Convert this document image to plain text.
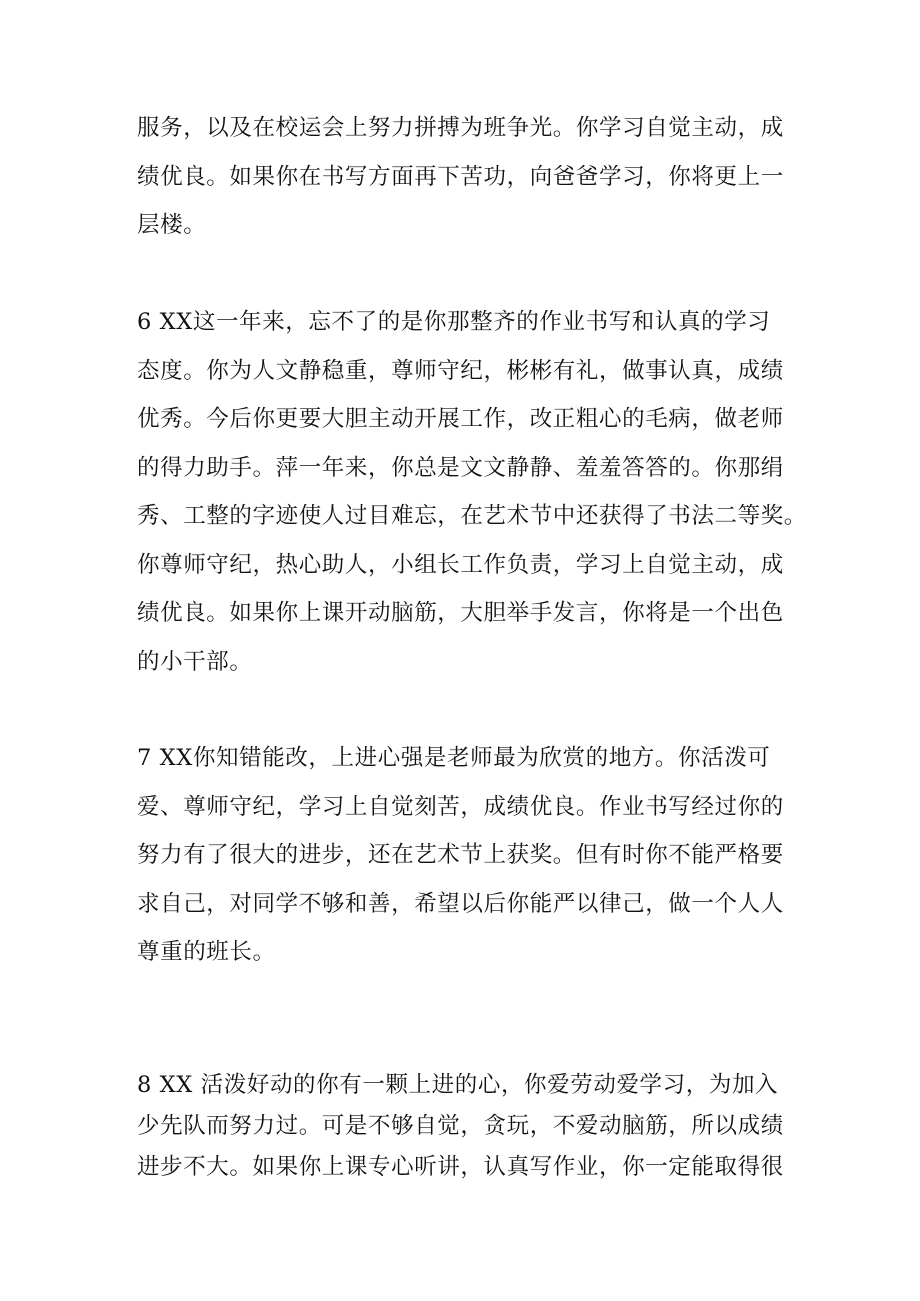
服务，以及在校运会上努力拼搏为班争光。你学习自觉主动，成
绩优良。如果你在书写方面再下苦功，向爸爸学习，你将更上一
层楼。

6 XX这一年来，忘不了的是你那整齐的作业书写和认真的学习
态度。你为人文静稳重，尊师守纪，彬彬有礼，做事认真，成绩
优秀。今后你更要大胆主动开展工作，改正粗心的毛病，做老师
的得力助手。萍一年来，你总是文文静静、羞羞答答的。你那绢
秀、工整的字迹使人过目难忘，在艺术节中还获得了书法二等奖。
你尊师守纪，热心助人，小组长工作负责，学习上自觉主动，成
绩优良。如果你上课开动脑筋，大胆举手发言，你将是一个出色
的小干部。

7 XX你知错能改，上进心强是老师最为欣赏的地方。你活泼可
爱、尊师守纪，学习上自觉刻苦，成绩优良。作业书写经过你的
努力有了很大的进步，还在艺术节上获奖。但有时你不能严格要
求自己，对同学不够和善，希望以后你能严以律己，做一个人人
尊重的班长。

8 XX 活泼好动的你有一颗上进的心，你爱劳动爱学习，为加入
少先队而努力过。可是不够自觉，贪玩，不爱动脑筋，所以成绩
进步不大。如果你上课专心听讲，认真写作业，你一定能取得很
